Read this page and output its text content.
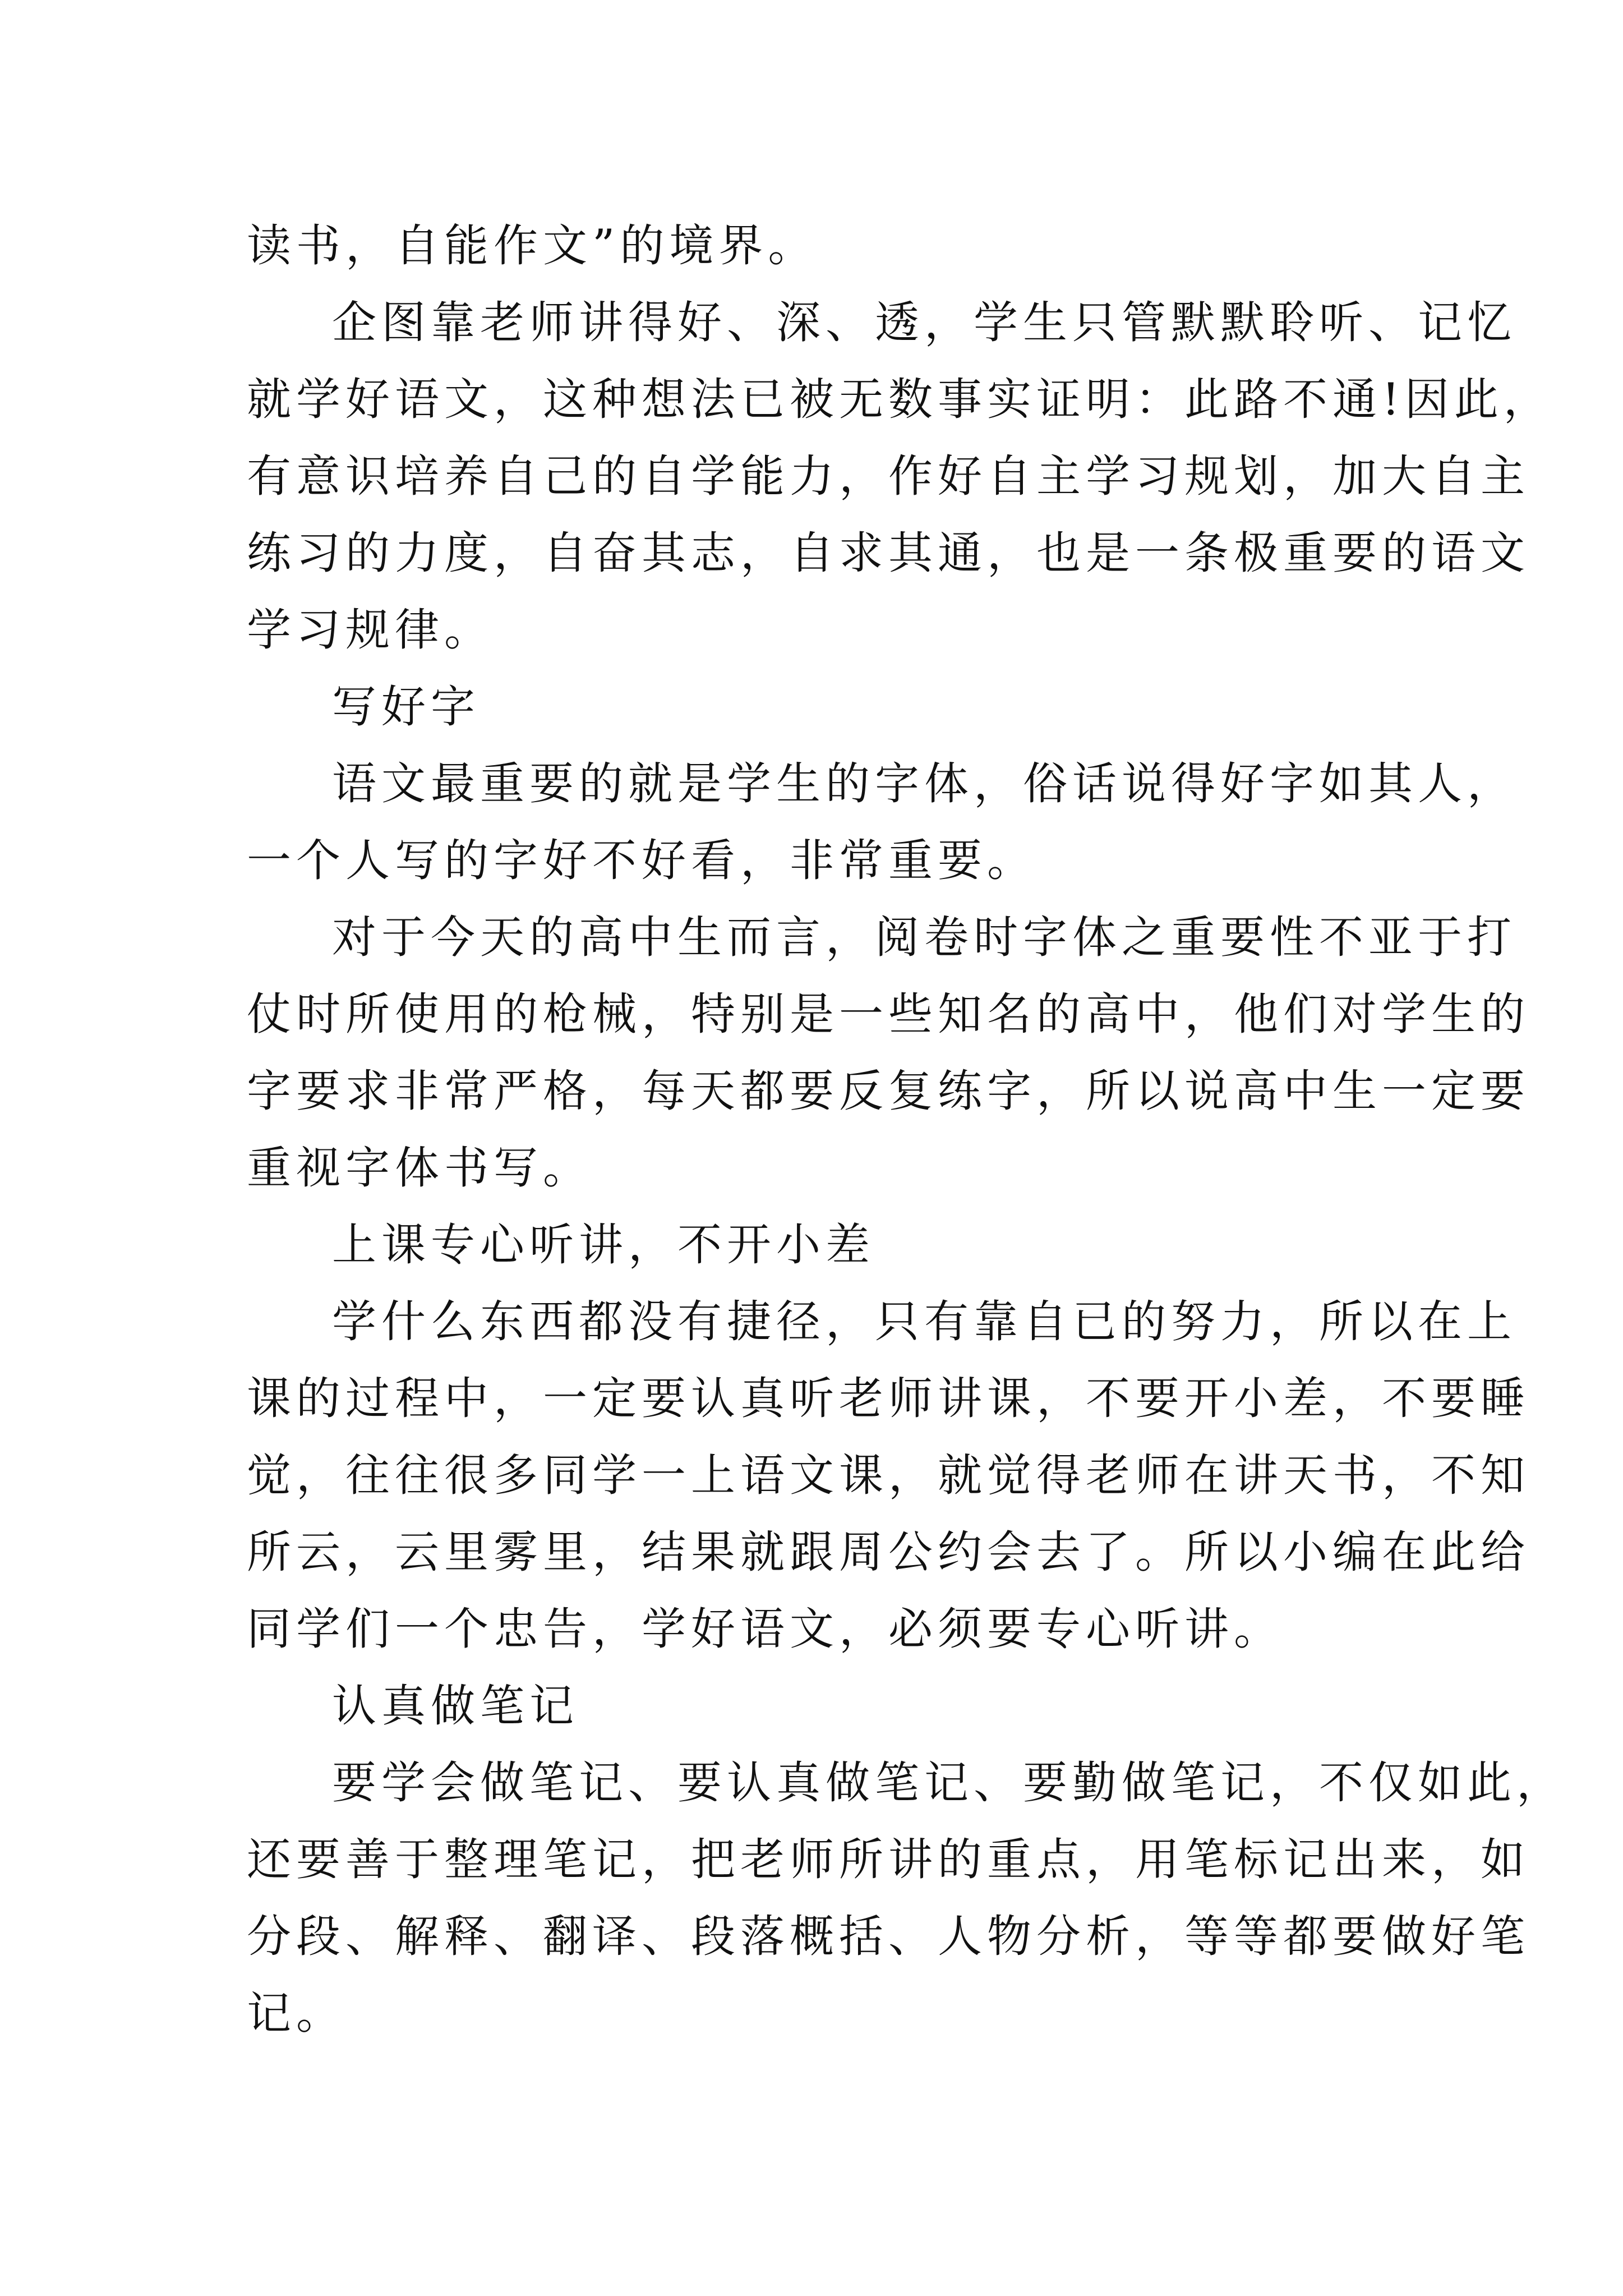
读书，自能作文”的境界。
企图靠老师讲得好、深、透，学生只管默默聆听、记忆
就学好语文，这种想法已被无数事实证明：此路不通!因此，
有意识培养自己的自学能力，作好自主学习规划，加大自主
练习的力度，自奋其志，自求其通，也是一条极重要的语文
学习规律。
写好字
语文最重要的就是学生的字体，俗话说得好字如其人，
一个人写的字好不好看，非常重要。
对于今天的高中生而言，阅卷时字体之重要性不亚于打
仗时所使用的枪械，特别是一些知名的高中，他们对学生的
字要求非常严格，每天都要反复练字，所以说高中生一定要
重视字体书写。
上课专心听讲，不开小差
学什么东西都没有捷径，只有靠自已的努力，所以在上
课的过程中，一定要认真听老师讲课，不要开小差，不要睡
觉，往往很多同学一上语文课，就觉得老师在讲天书，不知
所云，云里雾里，结果就跟周公约会去了。所以小编在此给
同学们一个忠告，学好语文，必须要专心听讲。
认真做笔记
要学会做笔记、要认真做笔记、要勤做笔记，不仅如此，
还要善于整理笔记，把老师所讲的重点，用笔标记出来，如
分段、解释、翻译、段落概括、人物分析，等等都要做好笔
记。
